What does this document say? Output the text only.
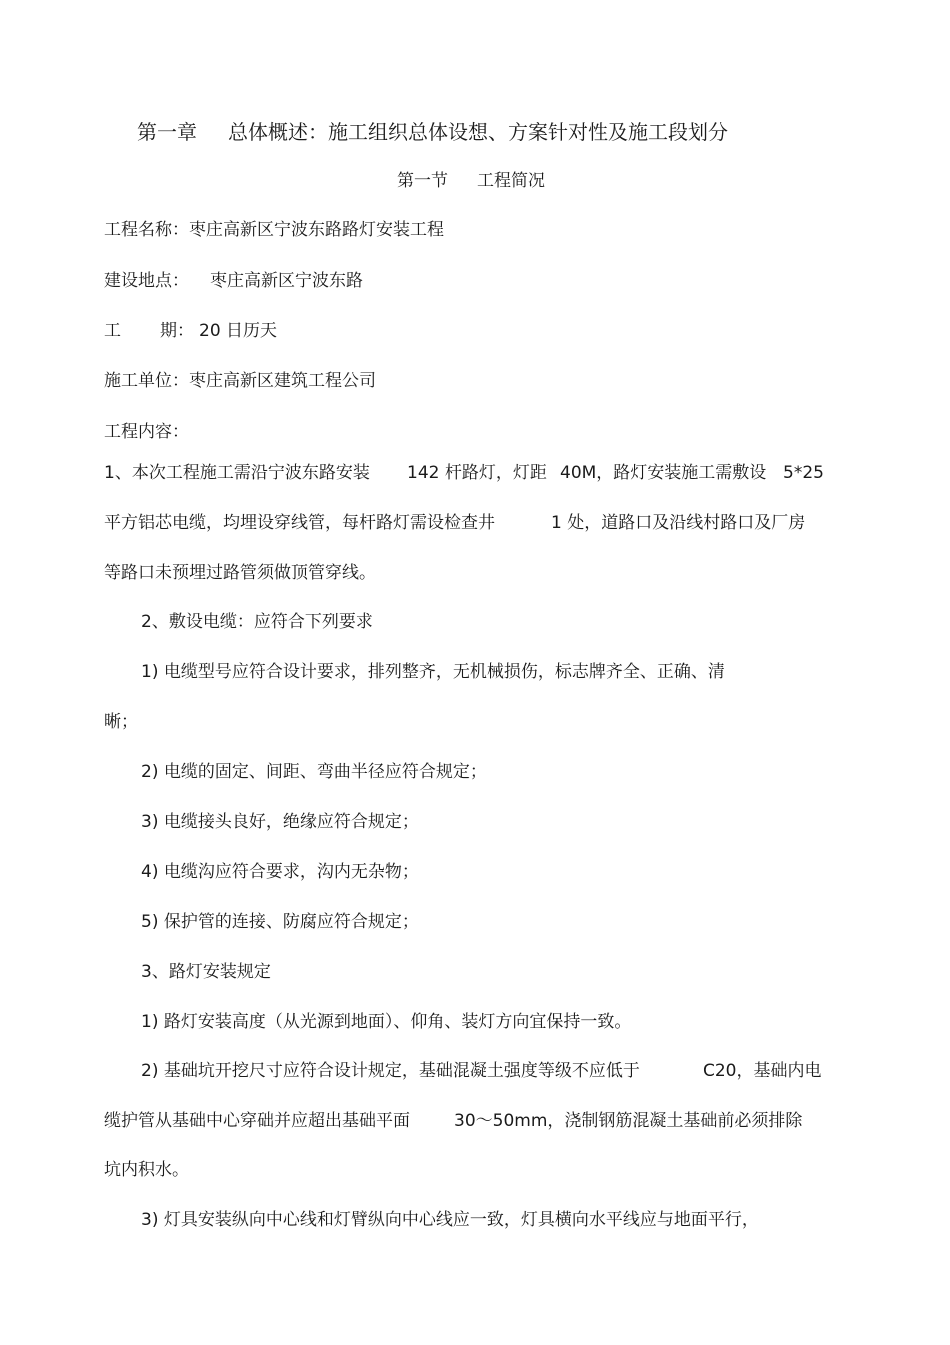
第一章 总体概述：施工组织总体设想、方案针对性及施工段划分
第一节 工程简况
工程名称：枣庄高新区宁波东路路灯安装工程
建设地点： 枣庄高新区宁波东路
工 期： 20 日历天
施工单位：枣庄高新区建筑工程公司
工程内容：
1、本次工程施工需沿宁波东路安装 142 杆路灯，灯距 40M，路灯安装施工需敷设 5*25
平方铝芯电缆，均埋设穿线管，每杆路灯需设检查井	1 处，道路口及沿线村路口及厂房
等路口未预埋过路管须做顶管穿线。
2、敷设电缆：应符合下列要求
1) 电缆型号应符合设计要求，排列整齐，无机械损伤，标志牌齐全、正确、清
晰；
2) 电缆的固定、间距、弯曲半径应符合规定；
3) 电缆接头良好，绝缘应符合规定；
4) 电缆沟应符合要求，沟内无杂物；
5) 保护管的连接、防腐应符合规定；
3、路灯安装规定
1) 路灯安装高度（从光源到地面）、仰角、装灯方向宜保持一致。
2) 基础坑开挖尺寸应符合设计规定，基础混凝土强度等级不应低于	C20，基础内电
缆护管从基础中心穿础并应超出基础平面	30～50mm，浇制钢筋混凝土基础前必须排除
坑内积水。
3) 灯具安装纵向中心线和灯臂纵向中心线应一致，灯具横向水平线应与地面平行，
